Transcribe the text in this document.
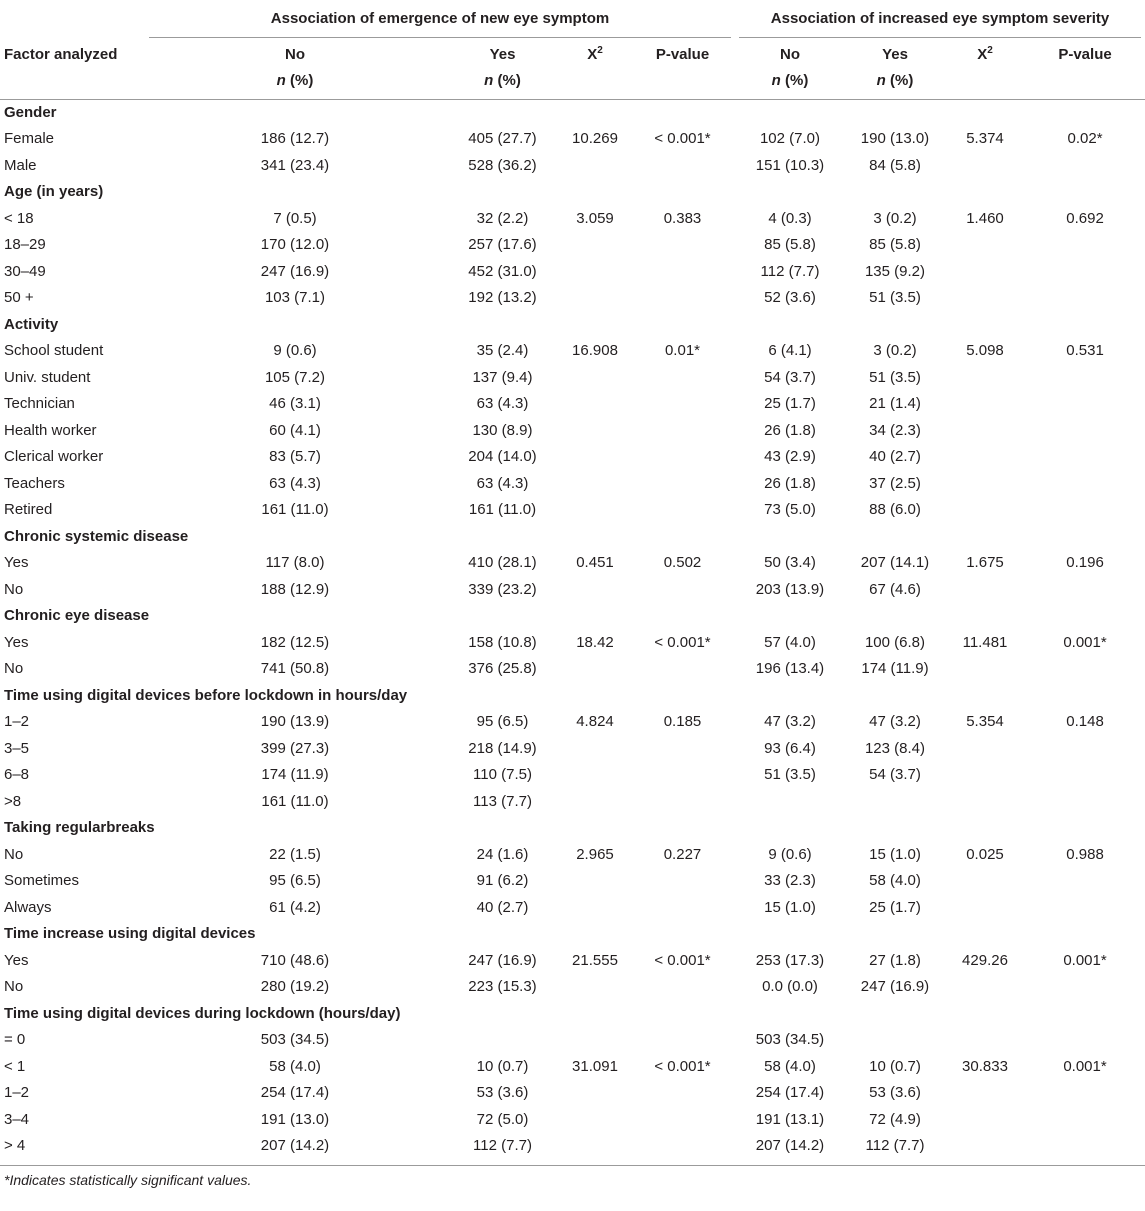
	Association of emergence of new eye symptom				Association of increased eye symptom severity			

Factor analyzed	No	Yes	$X^2$	P-value	No	Yes	$X^2$	P-value
	n (%)	n (%)			n (%)	n (%)		
Gender								
Female	186 (12.7)	405 (27.7)	10.269	< 0.001*	102 (7.0)	190 (13.0)	5.374	0.02*
Male	341 (23.4)	528 (36.2)			151 (10.3)	84 (5.8)		
Age (in years)								
< 18	7 (0.5)	32 (2.2)	3.059	0.383	4 (0.3)	3 (0.2)	1.460	0.692
18–29	170 (12.0)	257 (17.6)			85 (5.8)	85 (5.8)		
30–49	247 (16.9)	452 (31.0)			112 (7.7)	135 (9.2)		
50 +	103 (7.1)	192 (13.2)			52 (3.6)	51 (3.5)		
Activity								
School student	9 (0.6)	35 (2.4)	16.908	0.01*	6 (4.1)	3 (0.2)	5.098	0.531
Univ. student	105 (7.2)	137 (9.4)			54 (3.7)	51 (3.5)		
Technician	46 (3.1)	63 (4.3)			25 (1.7)	21 (1.4)		
Health worker	60 (4.1)	130 (8.9)			26 (1.8)	34 (2.3)		
Clerical worker	83 (5.7)	204 (14.0)			43 (2.9)	40 (2.7)		
Teachers	63 (4.3)	63 (4.3)			26 (1.8)	37 (2.5)		
Retired	161 (11.0)	161 (11.0)			73 (5.0)	88 (6.0)		
Chronic systemic disease								
Yes	117 (8.0)	410 (28.1)	0.451	0.502	50 (3.4)	207 (14.1)	1.675	0.196
No	188 (12.9)	339 (23.2)			203 (13.9)	67 (4.6)		
Chronic eye disease								
Yes	182 (12.5)	158 (10.8)	18.42	< 0.001*	57 (4.0)	100 (6.8)	11.481	0.001*
No	741 (50.8)	376 (25.8)			196 (13.4)	174 (11.9)		
Time using digital devices before lockdown in hours/day								
1–2	190 (13.9)	95 (6.5)	4.824	0.185	47 (3.2)	47 (3.2)	5.354	0.148
3–5	399 (27.3)	218 (14.9)			93 (6.4)	123 (8.4)		
6–8	174 (11.9)	110 (7.5)			51 (3.5)	54 (3.7)		
>8	161 (11.0)	113 (7.7)						
Taking regularbreaks								
No	22 (1.5)	24 (1.6)	2.965	0.227	9 (0.6)	15 (1.0)	0.025	0.988
Sometimes	95 (6.5)	91 (6.2)			33 (2.3)	58 (4.0)		
Always	61 (4.2)	40 (2.7)			15 (1.0)	25 (1.7)		
Time increase using digital devices								
Yes	710 (48.6)	247 (16.9)	21.555	< 0.001*	253 (17.3)	27 (1.8)	429.26	0.001*
No	280 (19.2)	223 (15.3)			0.0 (0.0)	247 (16.9)		
Time using digital devices during lockdown (hours/day)								
= 0	503 (34.5)				503 (34.5)			
< 1	58 (4.0)	10 (0.7)	31.091	< 0.001*	58 (4.0)	10 (0.7)	30.833	0.001*
1–2	254 (17.4)	53 (3.6)			254 (17.4)	53 (3.6)		
3–4	191 (13.0)	72 (5.0)			191 (13.1)	72 (4.9)		
> 4	207 (14.2)	112 (7.7)			207 (14.2)	112 (7.7)		
*Indicates statistically significant values.
